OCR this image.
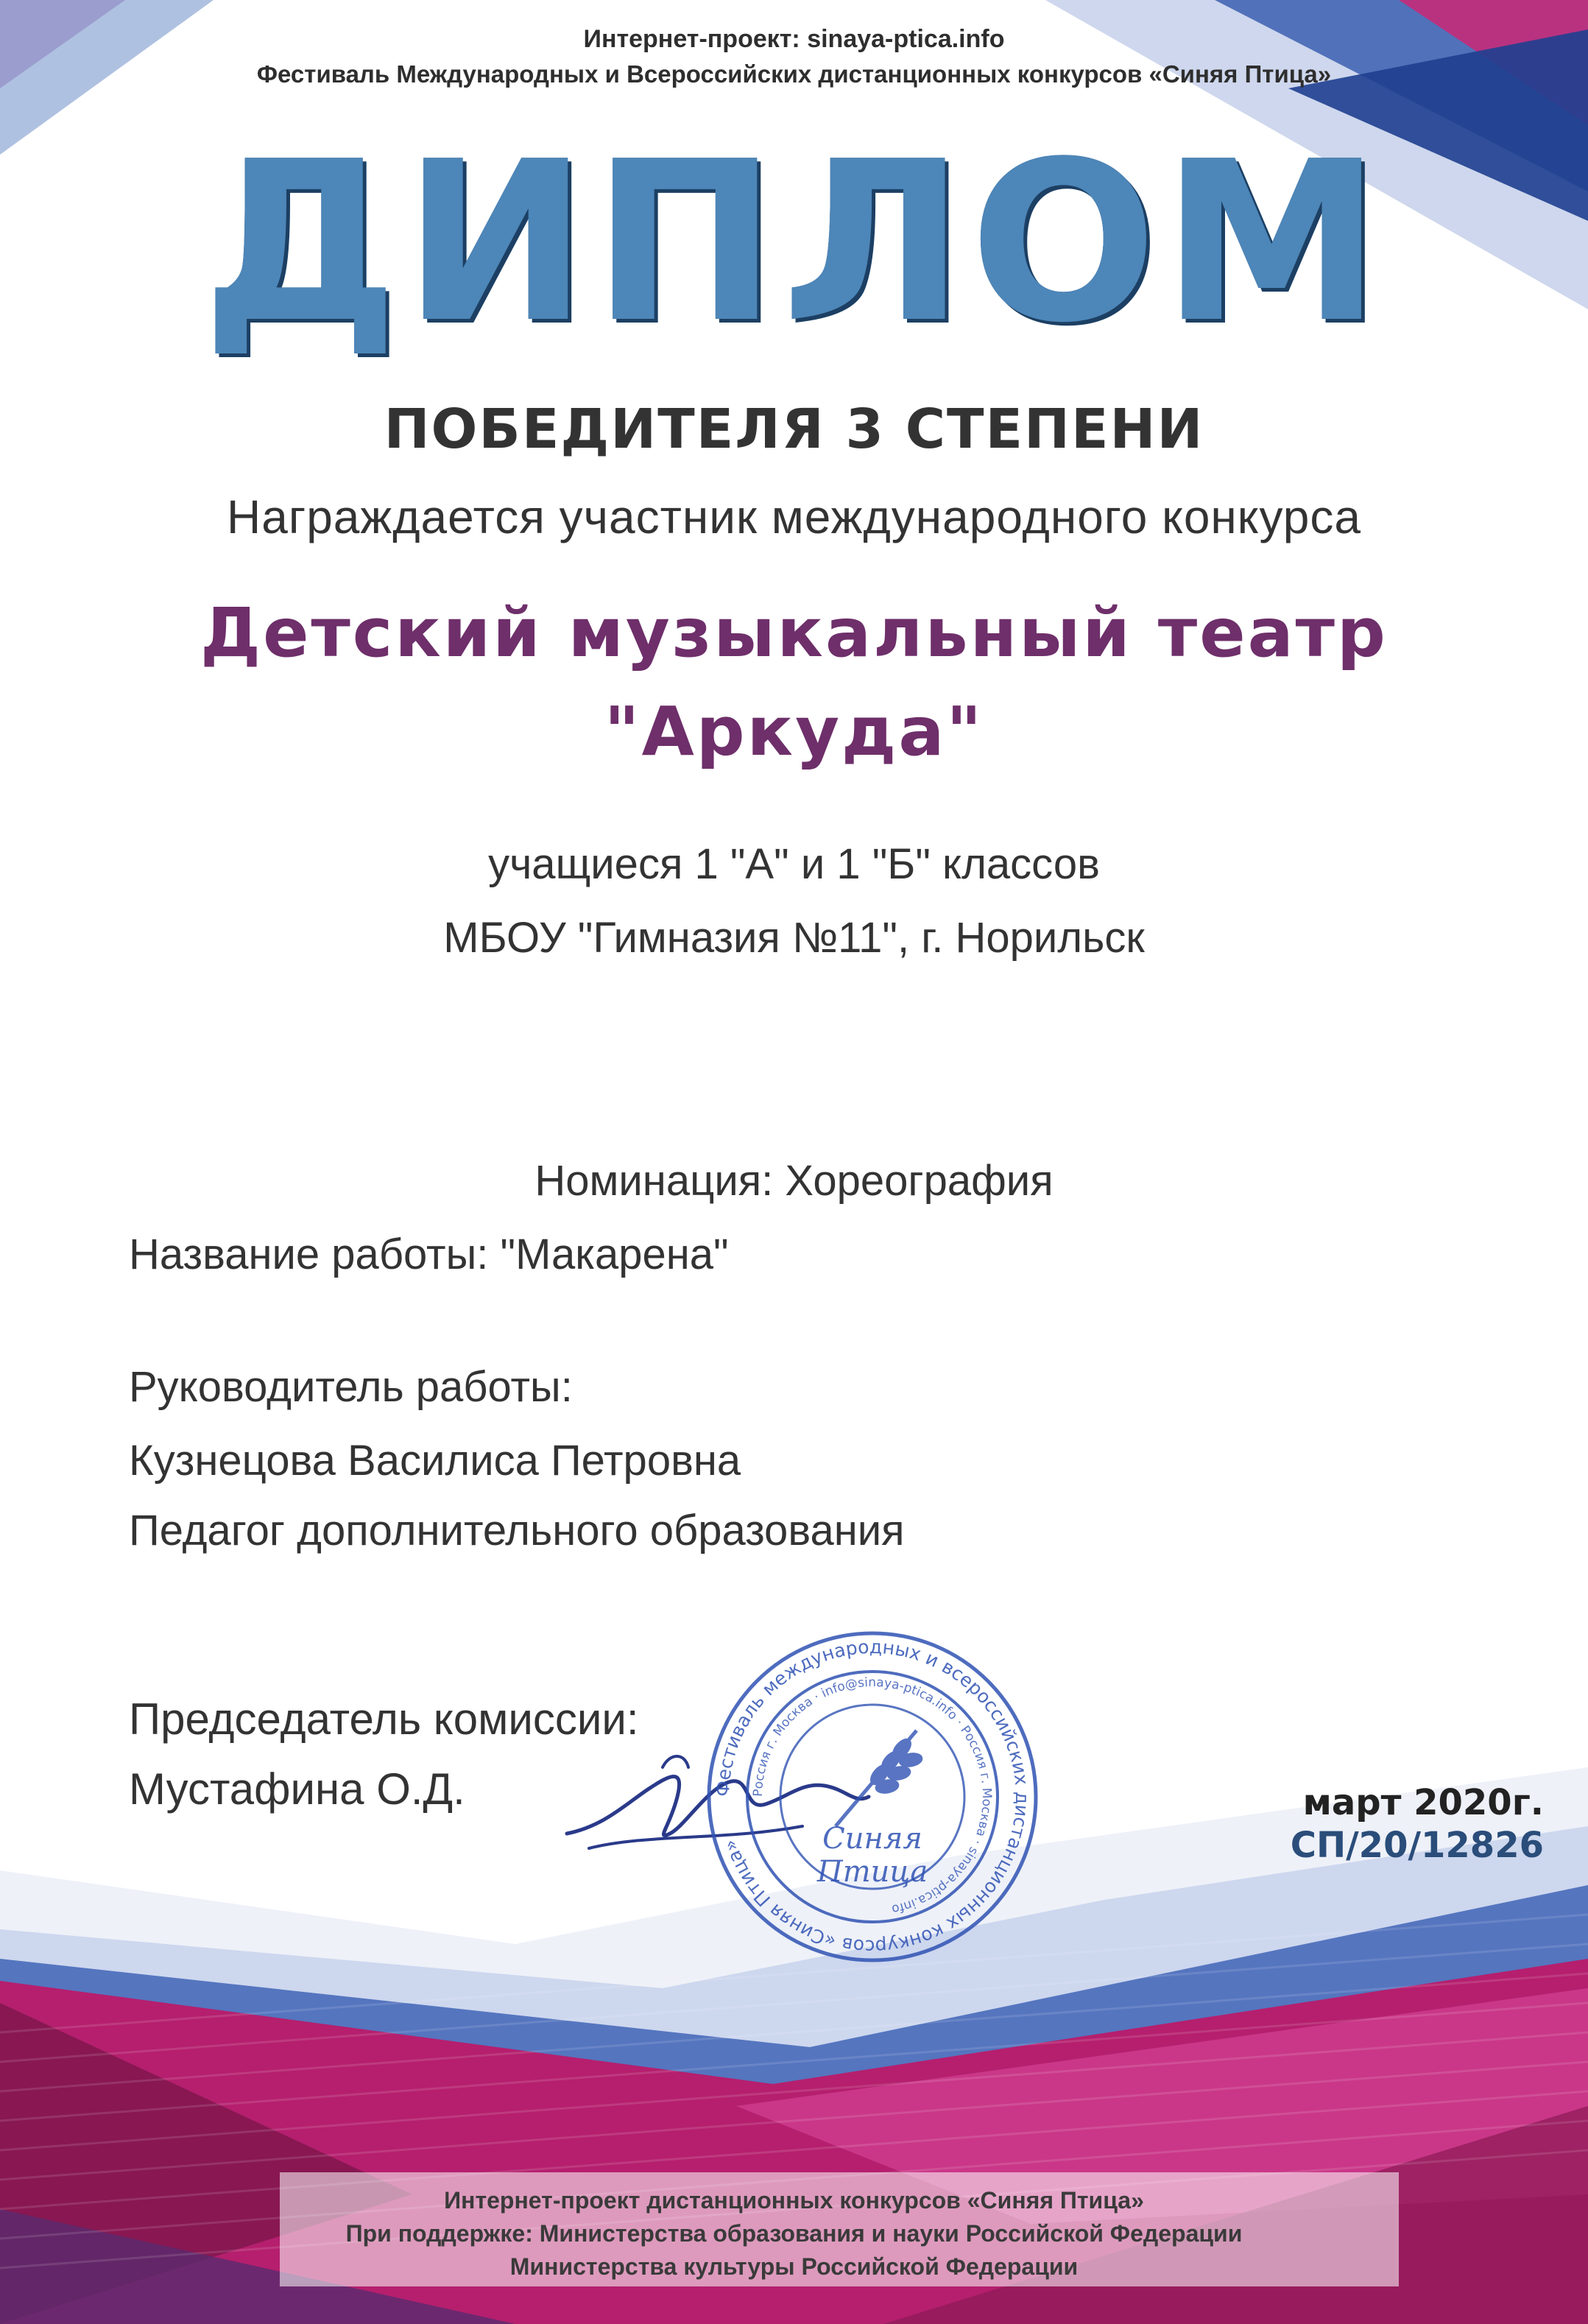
Интернет-проект: sinaya-ptica.info
Фестиваль Международных и Всероссийских дистанционных конкурсов «Синяя Птица»
ДИПЛОМ
ПОБЕДИТЕЛЯ 3 СТЕПЕНИ
Награждается участник международного конкурса
Детский музыкальный театр
"Аркуда"
учащиеся 1 "А" и 1 "Б" классов
МБОУ "Гимназия №11", г. Норильск
Номинация: Хореография
Название работы: "Макарена"
Руководитель работы:
Кузнецова Василиса Петровна
Педагог дополнительного образования
Председатель комиссии:
Мустафина О.Д.	Фестиваль международных и всероссийских дистанционных конкурсов «Синяя Птица»
Россия г. Москва · info@sinaya-ptica.info · Россия г. Москва · sinaya-ptica.info
Синяя
Птица
март 2020г.
СП/20/12826
Интернет-проект дистанционных конкурсов «Синяя Птица»
При поддержке: Министерства образования и науки Российской Федерации
Министерства культуры Российской Федерации
